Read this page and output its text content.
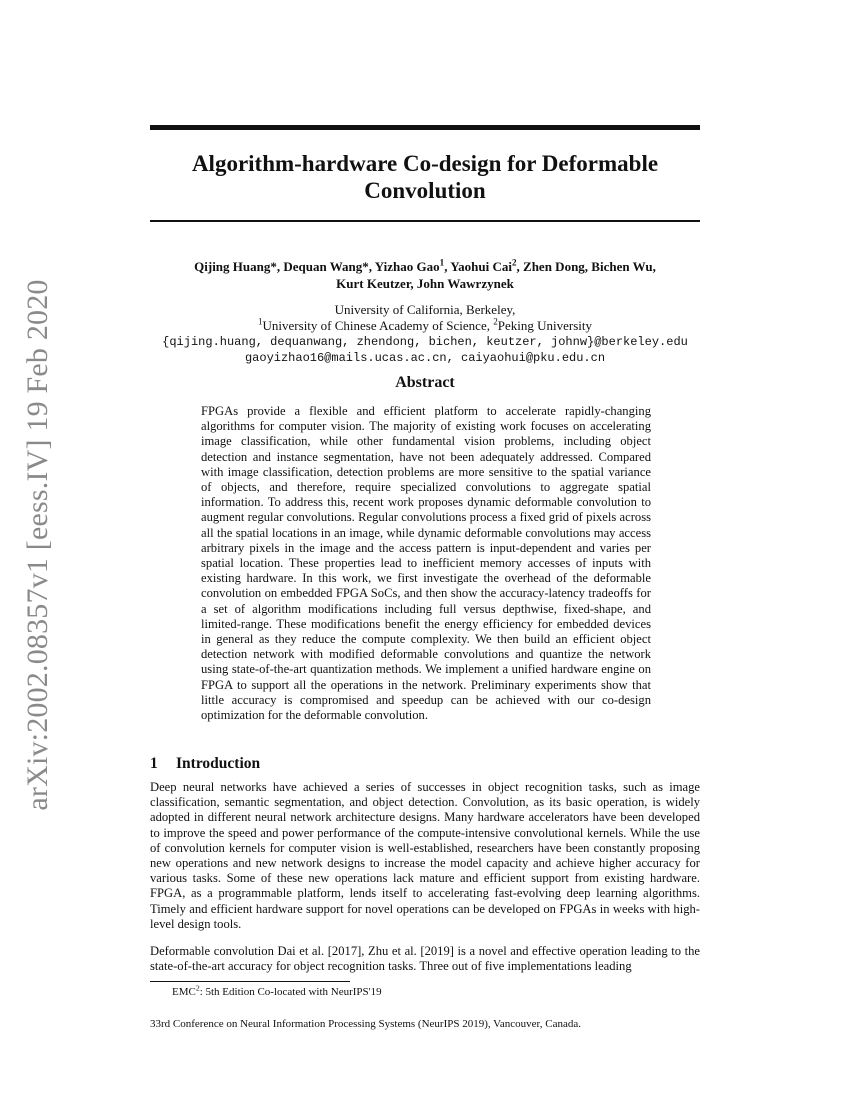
arXiv:2002.08357v1 [eess.IV] 19 Feb 2020
Algorithm-hardware Co-design for Deformable
Convolution
Qijing Huang*, Dequan Wang*, Yizhao Gao$^1$, Yaohui Cai$^2$, Zhen Dong, Bichen Wu,
Kurt Keutzer, John Wawrzynek
University of California, Berkeley,
$^1$University of Chinese Academy of Science, $^2$Peking University
{qijing.huang, dequanwang, zhendong, bichen, keutzer, johnw}@berkeley.edu
gaoyizhao16@mails.ucas.ac.cn, caiyaohui@pku.edu.cn
Abstract
FPGAs provide a flexible and efficient platform to accelerate rapidly-changing algorithms for computer vision. The majority of existing work focuses on accelerating image classification, while other fundamental vision problems, including object detection and instance segmentation, have not been adequately addressed. Compared with image classification, detection problems are more sensitive to the spatial variance of objects, and therefore, require specialized convolutions to aggregate spatial information. To address this, recent work proposes dynamic deformable convolution to augment regular convolutions. Regular convolutions process a fixed grid of pixels across all the spatial locations in an image, while dynamic deformable convolutions may access arbitrary pixels in the image and the access pattern is input-dependent and varies per spatial location. These properties lead to inefficient memory accesses of inputs with existing hardware. In this work, we first investigate the overhead of the deformable convolution on embedded FPGA SoCs, and then show the accuracy-latency tradeoffs for a set of algorithm modifications including full versus depthwise, fixed-shape, and limited-range. These modifications benefit the energy efficiency for embedded devices in general as they reduce the compute complexity. We then build an efficient object detection network with modified deformable convolutions and quantize the network using state-of-the-art quantization methods. We implement a unified hardware engine on FPGA to support all the operations in the network. Preliminary experiments show that little accuracy is compromised and speedup can be achieved with our co-design optimization for the deformable convolution.
1 Introduction
Deep neural networks have achieved a series of successes in object recognition tasks, such as image classification, semantic segmentation, and object detection. Convolution, as its basic operation, is widely adopted in different neural network architecture designs. Many hardware accelerators have been developed to improve the speed and power performance of the compute-intensive convolutional kernels. While the use of convolution kernels for computer vision is well-established, researchers have been constantly proposing new operations and new network designs to increase the model capacity and achieve higher accuracy for various tasks. Some of these new operations lack mature and efficient support from existing hardware. FPGA, as a programmable platform, lends itself to accelerating fast-evolving deep learning algorithms. Timely and efficient hardware support for novel operations can be developed on FPGAs in weeks with high-level design tools.
Deformable convolution Dai et al. [2017], Zhu et al. [2019] is a novel and effective operation leading to the state-of-the-art accuracy for object recognition tasks. Three out of five implementations leading
EMC$^2$: 5th Edition Co-located with NeurIPS'19
33rd Conference on Neural Information Processing Systems (NeurIPS 2019), Vancouver, Canada.
